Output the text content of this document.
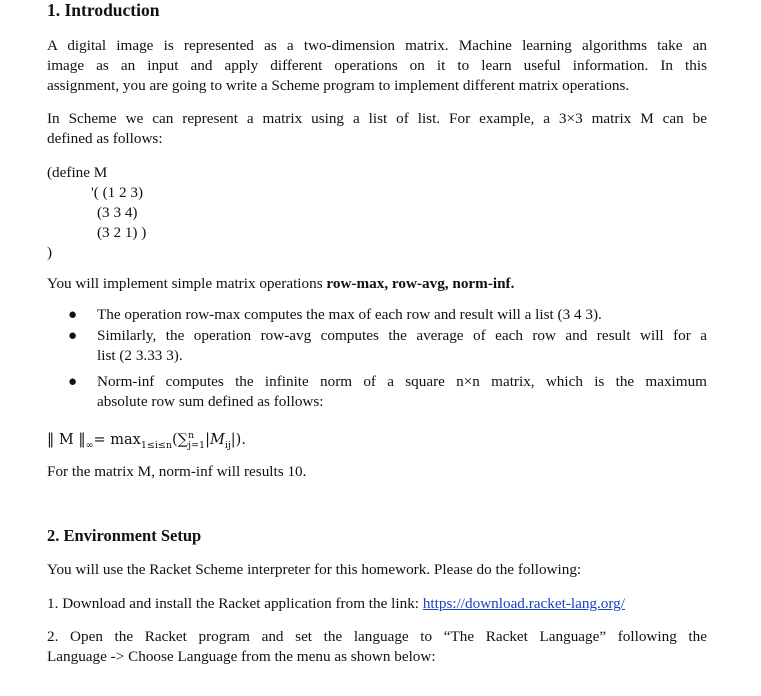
1. Introduction
A digital image is represented as a two-dimension matrix. Machine learning algorithms take an
image as an input and apply different operations on it to learn useful information. In this
assignment, you are going to write a Scheme program to implement different matrix operations.
In Scheme we can represent a matrix using a list of list. For example, a 3×3 matrix M can be
defined as follows:
(define M
'( (1 2 3)
(3 3 4)
(3 2 1) )
)
You will implement simple matrix operations row-max, row-avg, norm-inf.
● The operation row-max computes the max of each row and result will a list (3 4 3).
● Similarly, the operation row-avg computes the average of each row and result will for a
list (2 3.33 3).
● Norm-inf computes the infinite norm of a square n×n matrix, which is the maximum
absolute row sum defined as follows:
‖ M $‖_\infty= \max_{1\le i\le n}(\sum^n_{j=1}|M_{ij}|)$.
For the matrix M, norm-inf will results 10.
2. Environment Setup
You will use the Racket Scheme interpreter for this homework. Please do the following:
1. Download and install the Racket application from the link: https://download.racket-lang.org/
2. Open the Racket program and set the language to “The Racket Language” following the
Language -> Choose Language from the menu as shown below:
